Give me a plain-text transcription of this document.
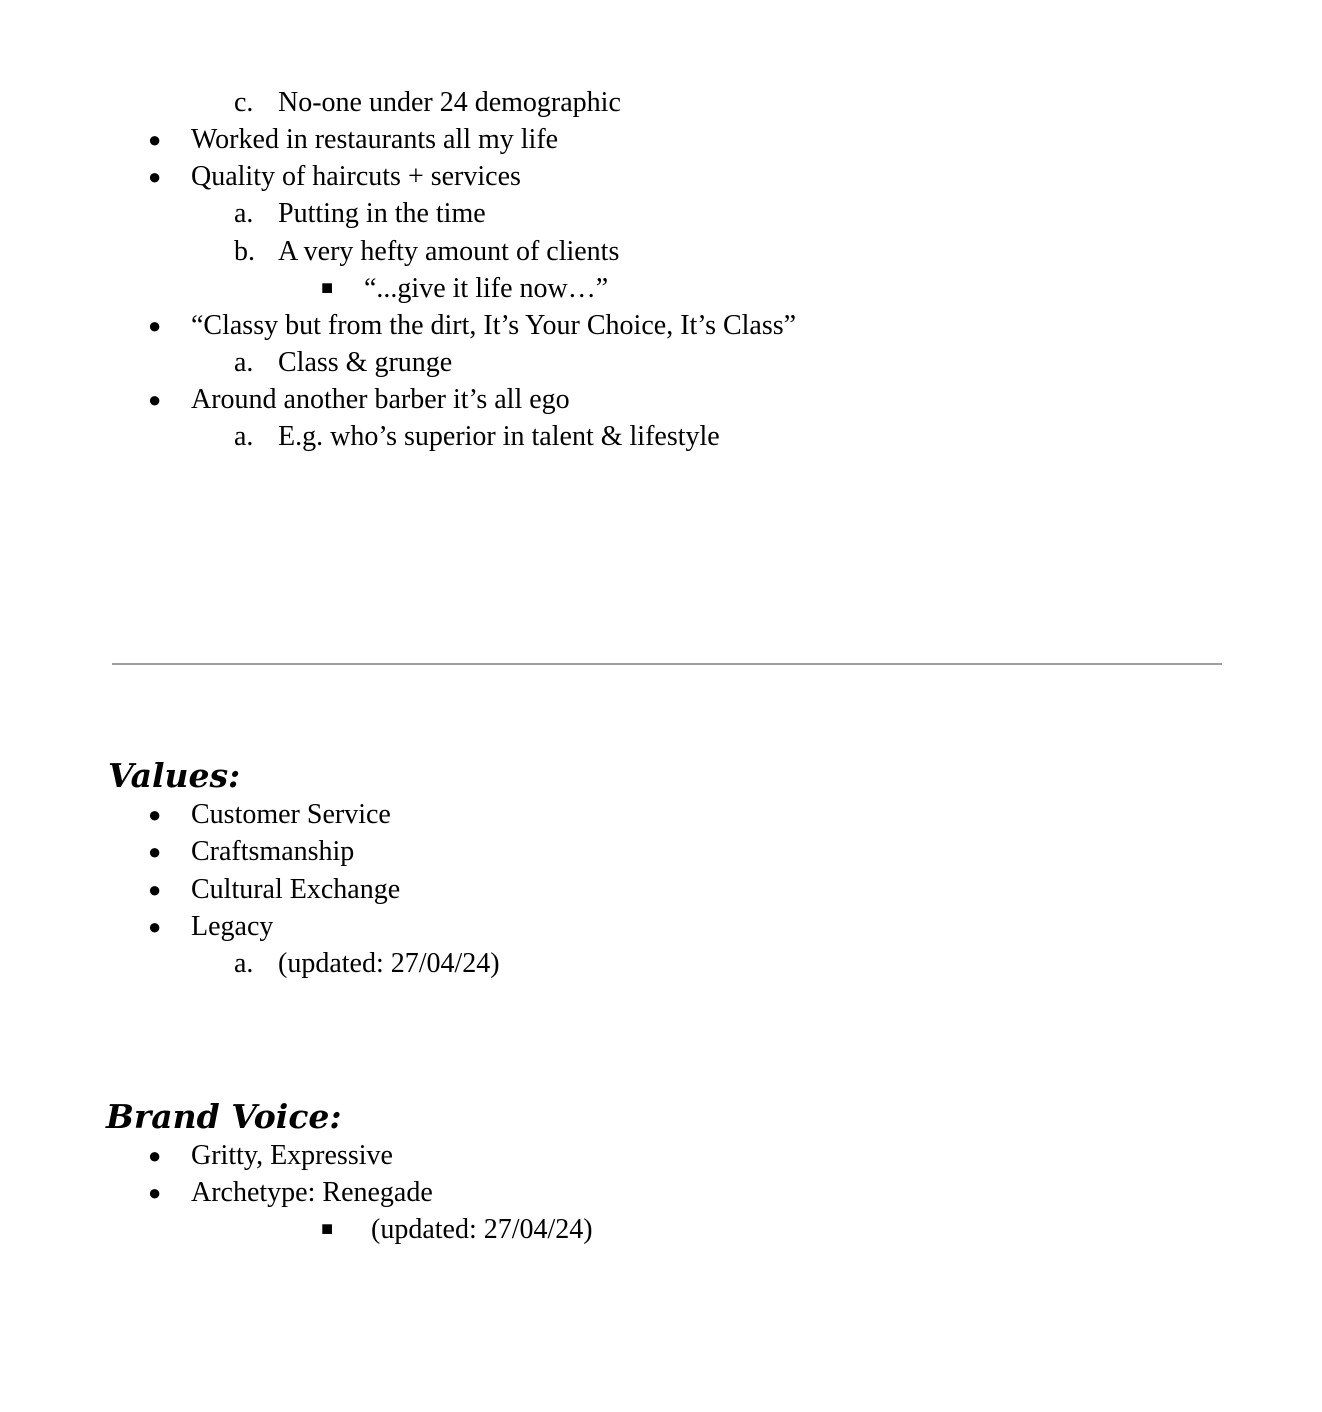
c. No-one under 24 demographic
● Worked in restaurants all my life
● Quality of haircuts + services
a. Putting in the time
b. A very hefty amount of clients
■ “...give it life now…”
● “Classy but from the dirt, It’s Your Choice, It’s Class”
a. Class & grunge
● Around another barber it’s all ego
a. E.g. who’s superior in talent & lifestyle
Values:
● Customer Service
● Craftsmanship
● Cultural Exchange
● Legacy
a. (updated: 27/04/24)
Brand Voice:
● Gritty, Expressive
● Archetype: Renegade
■ (updated: 27/04/24)
